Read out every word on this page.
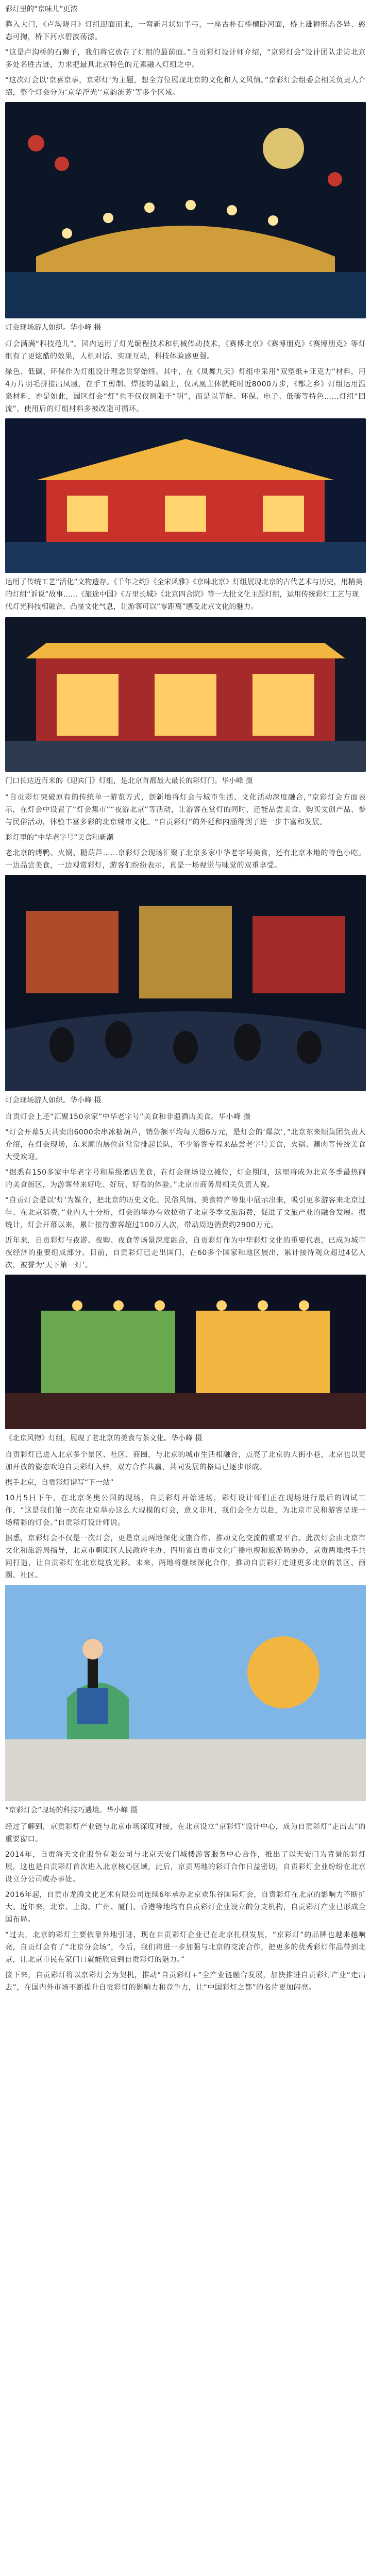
彩灯里的“京味儿”更浓

腾入大门，《卢沟晓月》灯组迎面而来，一弯新月状如半弓，一座古朴石桥横卧河面，桥上雄狮形态各异、憨态可掬，桥下河水碧波荡漾。

“这是卢沟桥的石狮子，我们将它放在了灯组的最前面。”自贡彩灯设计师介绍，“京彩灯会”设计团队走访北京多处名胜古迹，力求把最具北京特色的元素融入灯组之中。

“这次灯会以‘京喜京事，京彩灯’为主题，想全方位展现北京的文化和人文风情。”京彩灯会组委会相关负责人介绍，整个灯会分为‘京华浮光’‘京韵流芳’等多个区域。

灯会现场游人如织。华小峰 摄

灯会满满“科技范儿”。园内运用了灯光编程技术和机械传动技术，《赛博北京》《赛博朋克》《赛博朋克》等灯组有了更炫酷的效果，人机对话、实现互动，科技体验感更强。

绿色、低碳、环保作为灯组设计理念贯穿始终。其中，在《凤舞九天》灯组中采用“双塑纸+亚克力”材料，用4万片羽毛拼接出凤凰，在手工剪制、焊接的基础上，仅凤凰主体就耗时近8000万步，《都之乡》灯组运用温泉材料，亦是如此，园区灯会“灯”也不仅仅局限于“明”，而是以节能、环保、电子、低碳等特色……灯组“回流”，使用后的灯组材料多被改造可循环。

运用了传统工艺“活化”文物遗存。《千年之约》《全宋风雅》《京味北京》灯组展现北京的古代艺术与历史，用精美的灯组“诉说”故事……《旅途中国》《万里长城》《北京四合院》等一大批文化主题灯组，运用传统彩灯工艺与现代灯光科技相融合，凸显文化气息，让游客可以“零距离”感受北京文化的魅力。
门口长达近百米的《迎宾门》灯组，是北京首都最大最长的彩灯门。华小峰 摄

“自贡彩灯突破原有的传统单一游览方式，创新地将灯会与城市生活、文化活动深度融合，”京彩灯会方面表示，在灯会中设置了“灯会集市”“夜游北京”等活动，让游客在赏灯的同时，还能品尝美食、购买文创产品、参与民俗活动，体验丰富多彩的北京城市文化。“自贡彩灯”的外延和内涵得到了进一步丰富和发展。

彩灯里的“中华老字号”美食和新潮

老北京的烤鸭、火锅、糖葫芦……京彩灯会现场汇聚了北京多家中华老字号美食，还有北京本地的特色小吃。一边品尝美食，一边观赏彩灯，游客们纷纷表示，真是一场视觉与味觉的双重享受。

灯会现场游人如织。华小峰 摄

自贡灯会上还“汇聚150余家”中华老字号“美食和非遗酒店美食。华小峰 摄

“灯会开幕5天共卖出6000余串冰糖葫芦，销售额平均每天超6万元，是灯会的‘爆款’，”北京东来顺集团负责人介绍，在灯会现场，东来顺的展位前常常排起长队，不少游客专程来品尝老字号美食，火锅、涮肉等传统美食大受欢迎。

“据悉有150多家中华老字号和星级酒店美食，在灯会现场设立摊位，灯会期间，这里将成为北京冬季最热闹的美食街区，为游客带来好吃、好玩、好看的体验。”北京市商务局相关负责人说。

“自贡灯会是以‘灯’为媒介，把北京的历史文化、民俗风情、美食特产等集中展示出来，吸引更多游客来北京过年、在北京消费，”业内人士分析，灯会的举办有效拉动了北京冬季文旅消费，促进了文旅产业的融合发展。据统计，灯会开幕以来，累计接待游客超过100万人次，带动周边消费约2900万元。

近年来，自贡彩灯与夜游、夜购、夜食等场景深度融合，自贡彩灯作为中华彩灯文化的重要代表，已成为城市夜经济的重要组成部分。目前，自贡彩灯已走出国门，在60多个国家和地区展出，累计接待观众超过4亿人次，被誉为‘天下第一灯’。

《北京风物》灯组，展现了老北京的美食与茶文化。华小峰 摄

自贡彩灯已进入北京多个景区、社区、商圈，与北京的城市生活相融合，点亮了北京的大街小巷，北京也以更加开放的姿态欢迎自贡彩灯入驻，双方合作共赢、共同发展的格局已逐步形成。

携手北京，自贡彩灯谱写“下一站”

10月5日下午，在北京冬奥公园的现场，自贡彩灯开始进场，彩灯设计师们正在现场进行最后的调试工作，“这是我们第一次在北京举办这么大规模的灯会，意义非凡，我们会全力以赴，为北京市民和游客呈现一场精彩的灯会。”自贡彩灯设计师说。

据悉，京彩灯会不仅是一次灯会，更是京贡两地深化文旅合作、推动文化交流的重要平台。此次灯会由北京市文化和旅游局指导，北京市朝阳区人民政府主办，四川省自贡市文化广播电视和旅游局协办，京贡两地携手共同打造，让自贡彩灯在北京绽放光彩。未来，两地将继续深化合作，推动自贡彩灯走进更多北京的景区、商圈、社区。

“京彩灯会”现场的科技巧遇境。华小峰 摄

经过了解到，京贡彩灯产业链与北京市场深度对接，在北京设立“京彩灯”设计中心，成为自贡彩灯“走出去”的重要窗口。

2014年，自贡海天文化股份有限公司与北京天安门城楼游客服务中心合作，推出了以天安门为背景的彩灯展，这也是自贡彩灯首次进入北京核心区域，此后，京贡两地的彩灯合作日益密切，自贡彩灯企业纷纷在北京设立分公司或办事处。

2016年起，自贡市龙腾文化艺术有限公司连续6年承办北京欢乐谷国际灯会，自贡彩灯在北京的影响力不断扩大。近年来，北京、上海、广州、厦门、香港等地均有自贡彩灯企业设立的分支机构，自贡彩灯产业已形成全国布局。

“过去，北京的彩灯主要依靠外地引进，现在自贡彩灯企业已在北京扎根发展，“京彩灯”的品牌也越来越响亮，自贡灯会有了“北京分会场”，今后，我们将进一步加强与北京的交流合作，把更多的优秀彩灯作品带到北京，让北京市民在家门口就能欣赏到自贡彩灯的魅力。”

接下来，自贡彩灯将以京彩灯会为契机，推动“自贡彩灯+”全产业链融合发展，加快推进自贡彩灯产业“走出去”，在国内外市场不断提升自贡彩灯的影响力和竞争力，让“中国彩灯之都”的名片更加闪亮。
